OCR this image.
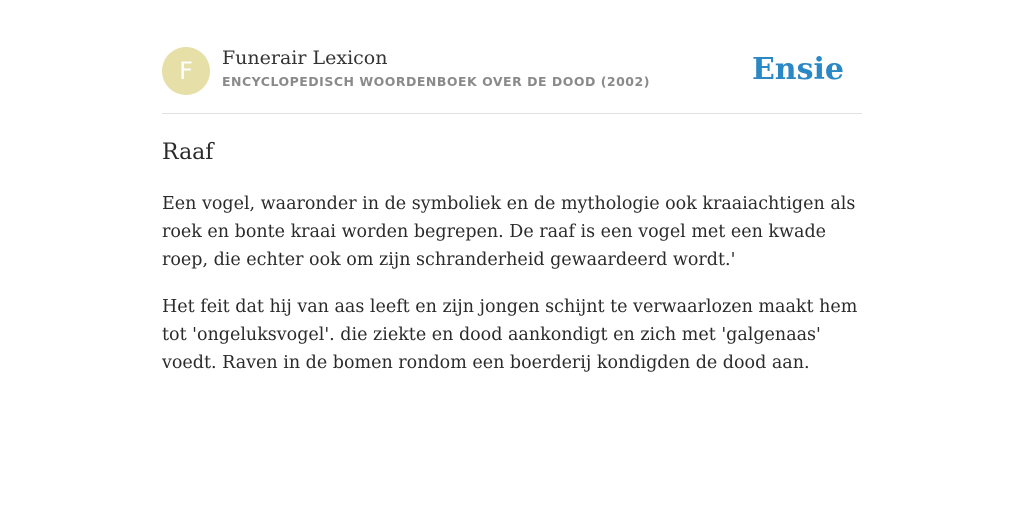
F	Funerair Lexicon
ENCYCLOPEDISCH WOORDENBOEK OVER DE DOOD (2002)	Ensie
Raaf

Een vogel, waaronder in de symboliek en de mythologie ook kraaiachtigen als roek en bonte kraai worden begrepen. De raaf is een vogel met een kwade roep, die echter ook om zijn schranderheid gewaardeerd wordt.'

Het feit dat hij van aas leeft en zijn jongen schijnt te verwaarlozen maakt hem tot 'ongeluksvogel'. die ziekte en dood aankondigt en zich met 'galgenaas' voedt. Raven in de bomen rondom een boerderij kondigden de dood aan.
